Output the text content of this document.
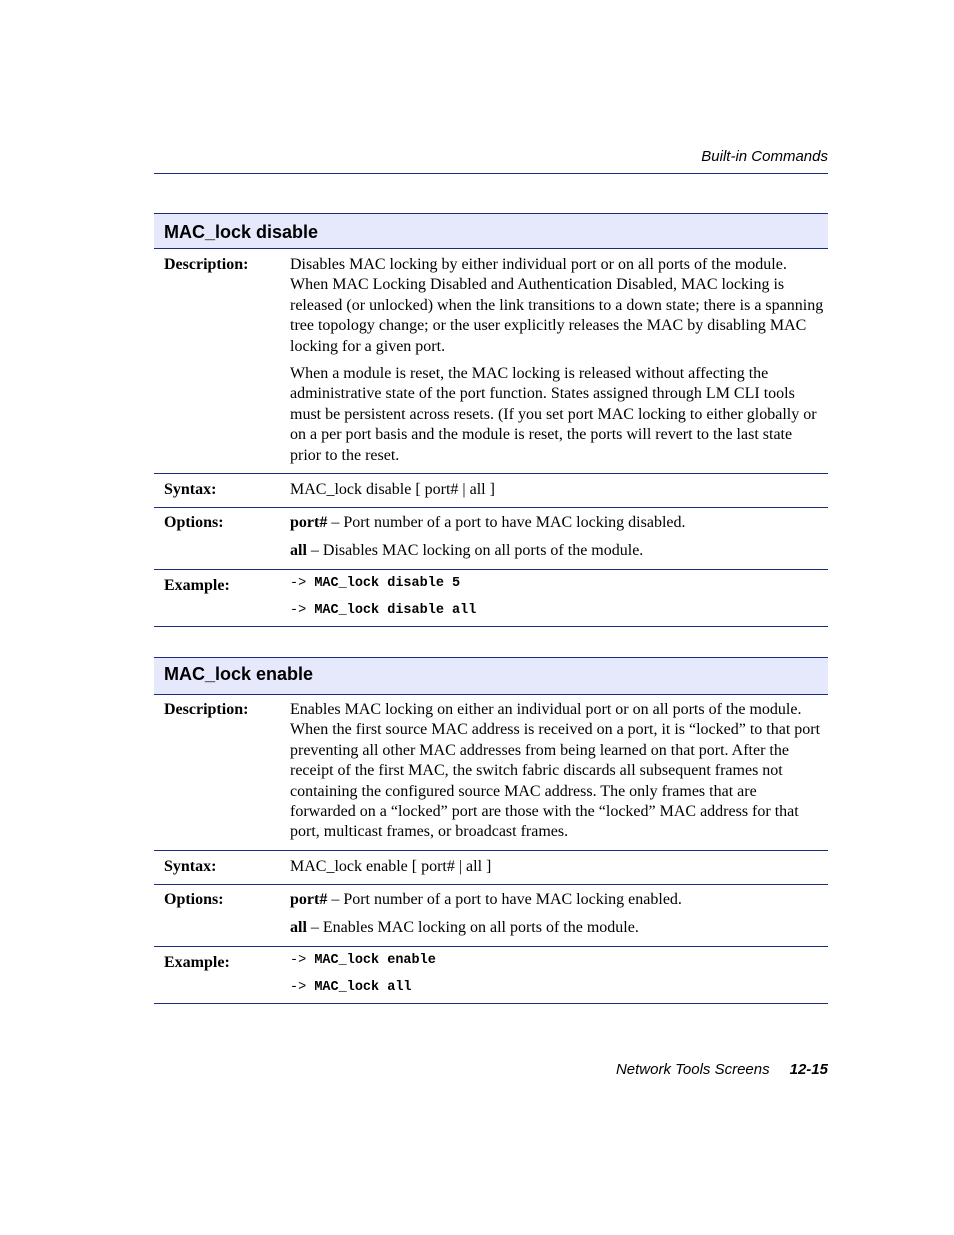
Built-in Commands
MAC_lock disable
Description:	Disables MAC locking by either individual port or on all ports of the module. When MAC Locking Disabled and Authentication Disabled, MAC locking is released (or unlocked) when the link transitions to a down state; there is a spanning tree topology change; or the user explicitly releases the MAC by disabling MAC locking for a given port.

When a module is reset, the MAC locking is released without affecting the administrative state of the port function. States assigned through LM CLI tools must be persistent across resets. (If you set port MAC locking to either globally or on a per port basis and the module is reset, the ports will revert to the last state prior to the reset.

Syntax:	MAC_lock disable [ port# | all ]
Options:	port# – Port number of a port to have MAC locking disabled.

all – Disables MAC locking on all ports of the module.

Example:	-> MAC_lock disable 5
-> MAC_lock disable all
MAC_lock enable
Description:	Enables MAC locking on either an individual port or on all ports of the module. When the first source MAC address is received on a port, it is “locked” to that port preventing all other MAC addresses from being learned on that port. After the receipt of the first MAC, the switch fabric discards all subsequent frames not containing the configured source MAC address. The only frames that are forwarded on a “locked” port are those with the “locked” MAC address for that port, multicast frames, or broadcast frames.

Syntax:	MAC_lock enable [ port# | all ]
Options:	port# – Port number of a port to have MAC locking enabled.

all – Enables MAC locking on all ports of the module.

Example:	-> MAC_lock enable
-> MAC_lock all
Network Tools Screens 12-15
